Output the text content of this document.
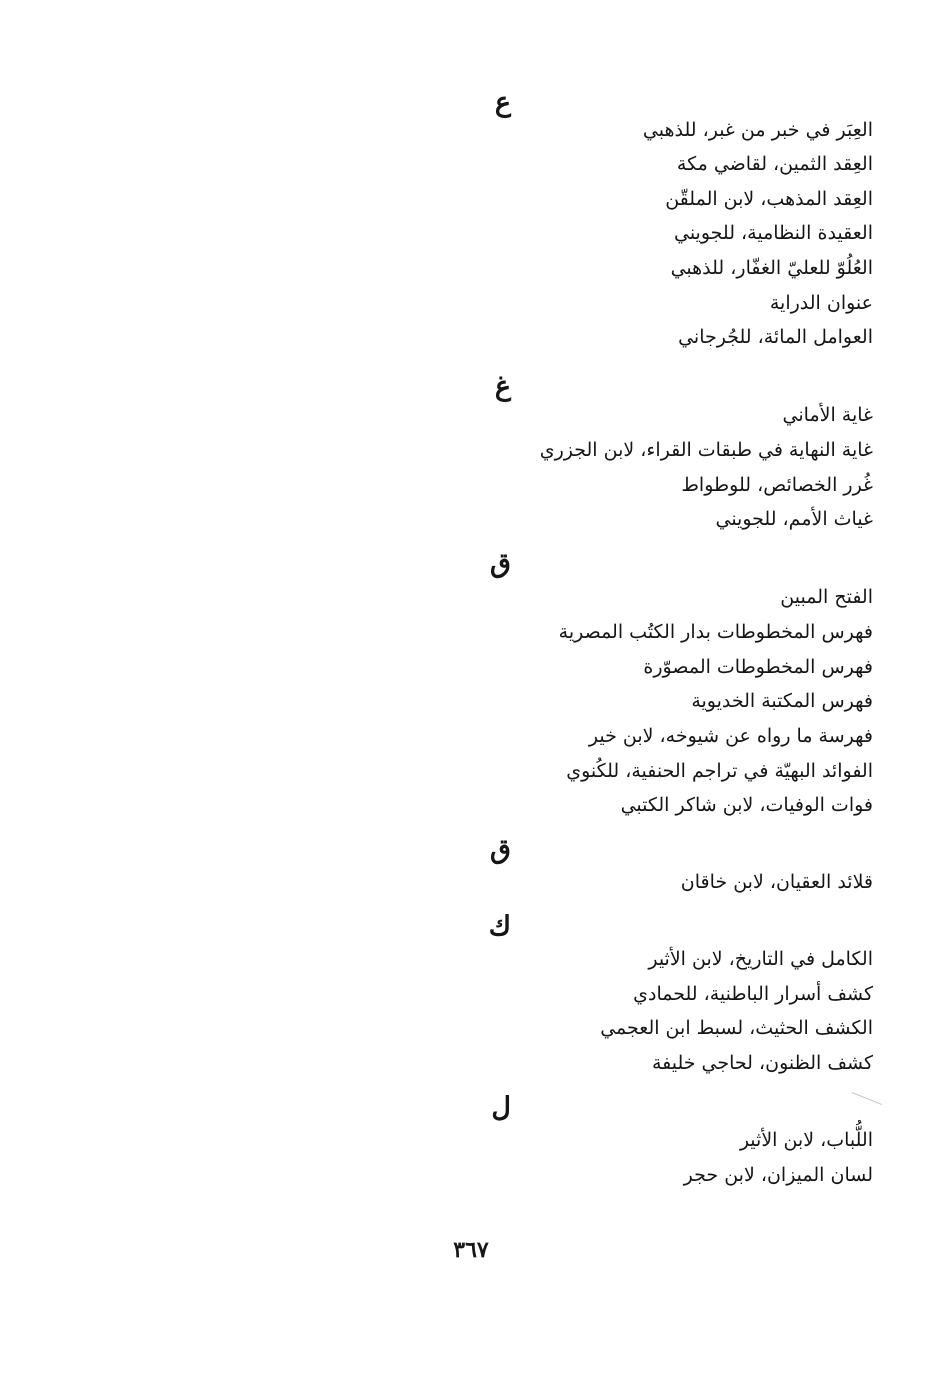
ع
العِبَر في خبر من غبر، للذهبي
العِقد الثمين، لقاضي مكة
العِقد المذهب، لابن الملقّن
العقيدة النظامية، للجويني
العُلُوّ للعليّ الغفّار، للذهبي
عنوان الدراية
العوامل المائة، للجُرجاني
غ
غاية الأماني
غاية النهاية في طبقات القراء، لابن الجزري
غُرر الخصائص، للوطواط
غياث الأمم، للجويني
ق
الفتح المبين
فهرس المخطوطات بدار الكتُب المصرية
فهرس المخطوطات المصوّرة
فهرس المكتبة الخديوية
فهرسة ما رواه عن شيوخه، لابن خير
الفوائد البهيّة في تراجم الحنفية، للكُنوي
فوات الوفيات، لابن شاكر الكتبي
ق
قلائد العقيان، لابن خاقان
ك
الكامل في التاريخ، لابن الأثير
كشف أسرار الباطنية، للحمادي
الكشف الحثيث، لسبط ابن العجمي
كشف الظنون، لحاجي خليفة
ل
اللُّباب، لابن الأثير
لسان الميزان، لابن حجر
٣٦٧
